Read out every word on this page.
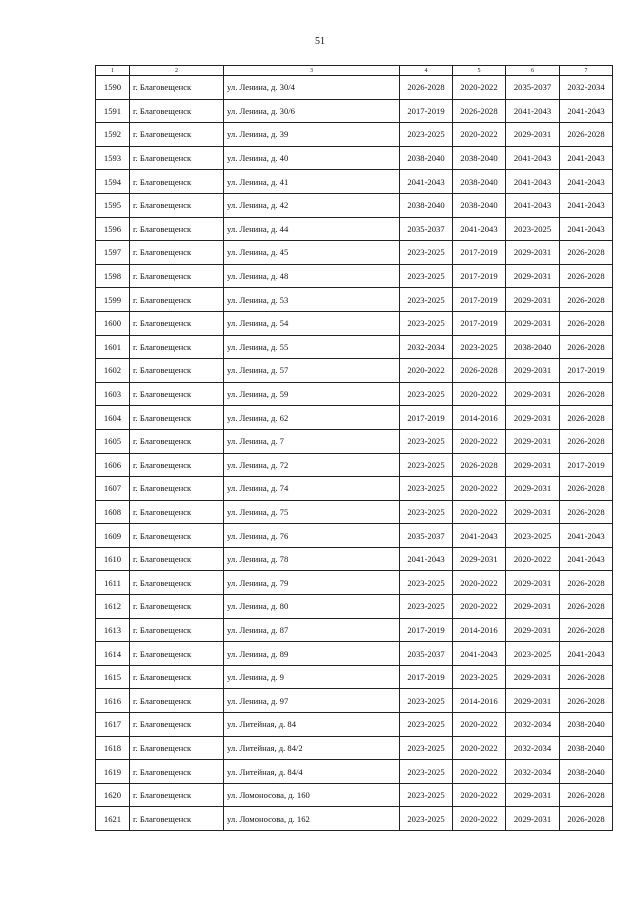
51
1	2	3	4	5	6	7
1590	г. Благовещенск	ул. Ленина, д. 30/4	2026-2028	2020-2022	2035-2037	2032-2034
1591	г. Благовещенск	ул. Ленина, д. 30/6	2017-2019	2026-2028	2041-2043	2041-2043
1592	г. Благовещенск	ул. Ленина, д. 39	2023-2025	2020-2022	2029-2031	2026-2028
1593	г. Благовещенск	ул. Ленина, д. 40	2038-2040	2038-2040	2041-2043	2041-2043
1594	г. Благовещенск	ул. Ленина, д. 41	2041-2043	2038-2040	2041-2043	2041-2043
1595	г. Благовещенск	ул. Ленина, д. 42	2038-2040	2038-2040	2041-2043	2041-2043
1596	г. Благовещенск	ул. Ленина, д. 44	2035-2037	2041-2043	2023-2025	2041-2043
1597	г. Благовещенск	ул. Ленина, д. 45	2023-2025	2017-2019	2029-2031	2026-2028
1598	г. Благовещенск	ул. Ленина, д. 48	2023-2025	2017-2019	2029-2031	2026-2028
1599	г. Благовещенск	ул. Ленина, д. 53	2023-2025	2017-2019	2029-2031	2026-2028
1600	г. Благовещенск	ул. Ленина, д. 54	2023-2025	2017-2019	2029-2031	2026-2028
1601	г. Благовещенск	ул. Ленина, д. 55	2032-2034	2023-2025	2038-2040	2026-2028
1602	г. Благовещенск	ул. Ленина, д. 57	2020-2022	2026-2028	2029-2031	2017-2019
1603	г. Благовещенск	ул. Ленина, д. 59	2023-2025	2020-2022	2029-2031	2026-2028
1604	г. Благовещенск	ул. Ленина, д. 62	2017-2019	2014-2016	2029-2031	2026-2028
1605	г. Благовещенск	ул. Ленина, д. 7	2023-2025	2020-2022	2029-2031	2026-2028
1606	г. Благовещенск	ул. Ленина, д. 72	2023-2025	2026-2028	2029-2031	2017-2019
1607	г. Благовещенск	ул. Ленина, д. 74	2023-2025	2020-2022	2029-2031	2026-2028
1608	г. Благовещенск	ул. Ленина, д. 75	2023-2025	2020-2022	2029-2031	2026-2028
1609	г. Благовещенск	ул. Ленина, д. 76	2035-2037	2041-2043	2023-2025	2041-2043
1610	г. Благовещенск	ул. Ленина, д. 78	2041-2043	2029-2031	2020-2022	2041-2043
1611	г. Благовещенск	ул. Ленина, д. 79	2023-2025	2020-2022	2029-2031	2026-2028
1612	г. Благовещенск	ул. Ленина, д. 80	2023-2025	2020-2022	2029-2031	2026-2028
1613	г. Благовещенск	ул. Ленина, д. 87	2017-2019	2014-2016	2029-2031	2026-2028
1614	г. Благовещенск	ул. Ленина, д. 89	2035-2037	2041-2043	2023-2025	2041-2043
1615	г. Благовещенск	ул. Ленина, д. 9	2017-2019	2023-2025	2029-2031	2026-2028
1616	г. Благовещенск	ул. Ленина, д. 97	2023-2025	2014-2016	2029-2031	2026-2028
1617	г. Благовещенск	ул. Литейная, д. 84	2023-2025	2020-2022	2032-2034	2038-2040
1618	г. Благовещенск	ул. Литейная, д. 84/2	2023-2025	2020-2022	2032-2034	2038-2040
1619	г. Благовещенск	ул. Литейная, д. 84/4	2023-2025	2020-2022	2032-2034	2038-2040
1620	г. Благовещенск	ул. Ломоносова, д. 160	2023-2025	2020-2022	2029-2031	2026-2028
1621	г. Благовещенск	ул. Ломоносова, д. 162	2023-2025	2020-2022	2029-2031	2026-2028
